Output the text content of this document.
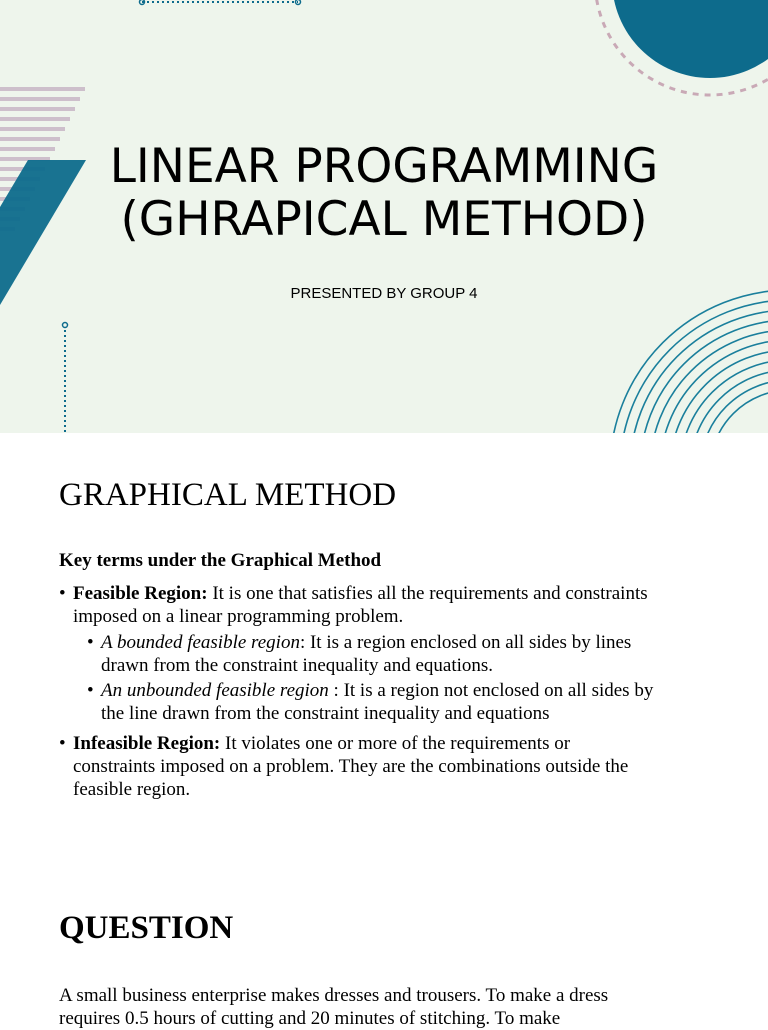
LINEAR PROGRAMMING
(GHRAPICAL METHOD)
PRESENTED BY GROUP 4
GRAPHICAL METHOD
Key terms under the Graphical Method
• Feasible Region: It is one that satisfies all the requirements and constraints
imposed on a linear programming problem.
• A bounded feasible region: It is a region enclosed on all sides by lines
drawn from the constraint inequality and equations.
• An unbounded feasible region : It is a region not enclosed on all sides by
the line drawn from the constraint inequality and equations
• Infeasible Region: It violates one or more of the requirements or
constraints imposed on a problem. They are the combinations outside the
feasible region.
QUESTION
A small business enterprise makes dresses and trousers. To make a dress
requires 0.5 hours of cutting and 20 minutes of stitching. To make
